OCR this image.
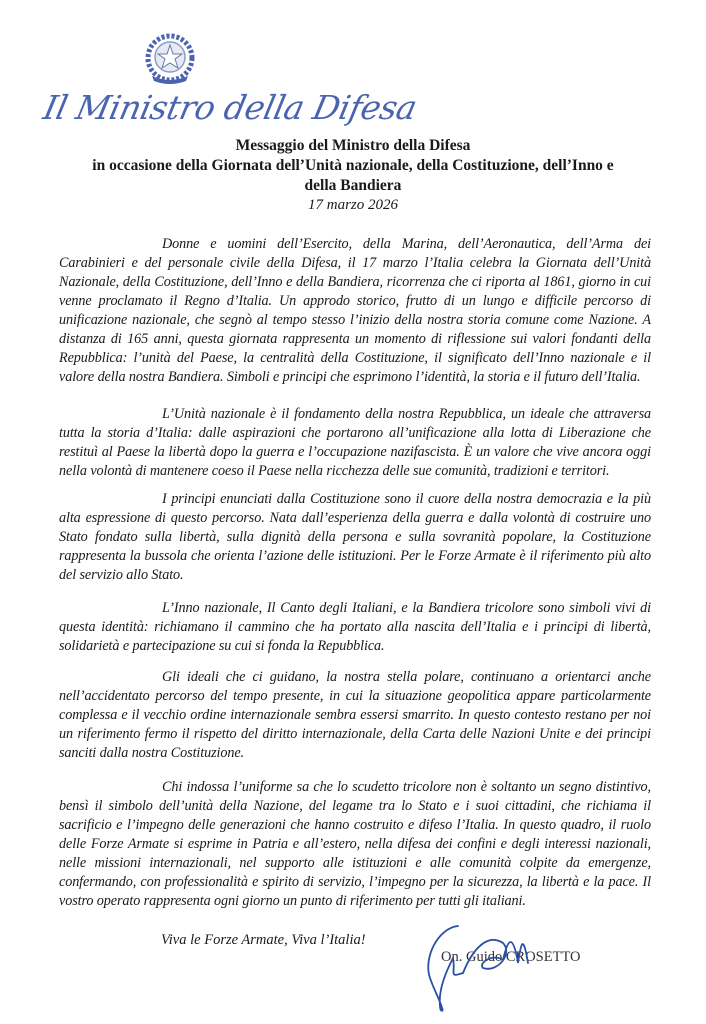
Il Ministro della Difesa
Messaggio del Ministro della Difesa
in occasione della Giornata dell’Unità nazionale, della Costituzione, dell’Inno e
della Bandiera
17 marzo 2026

Donne e uomini dell’Esercito, della Marina, dell’Aeronautica, dell’Arma dei Carabinieri e del personale civile della Difesa, il 17 marzo l’Italia celebra la Giornata dell’Unità Nazionale, della Costituzione, dell’Inno e della Bandiera, ricorrenza che ci riporta al 1861, giorno in cui venne proclamato il Regno d’Italia. Un approdo storico, frutto di un lungo e difficile percorso di unificazione nazionale, che segnò al tempo stesso l’inizio della nostra storia comune come Nazione. A distanza di 165 anni, questa giornata rappresenta un momento di riflessione sui valori fondanti della Repubblica: l’unità del Paese, la centralità della Costituzione, il significato dell’Inno nazionale e il valore della nostra Bandiera. Simboli e principi che esprimono l’identità, la storia e il futuro dell’Italia.

L’Unità nazionale è il fondamento della nostra Repubblica, un ideale che attraversa tutta la storia d’Italia: dalle aspirazioni che portarono all’unificazione alla lotta di Liberazione che restituì al Paese la libertà dopo la guerra e l’occupazione nazifascista. È un valore che vive ancora oggi nella volontà di mantenere coeso il Paese nella ricchezza delle sue comunità, tradizioni e territori.

I principi enunciati dalla Costituzione sono il cuore della nostra democrazia e la più alta espressione di questo percorso. Nata dall’esperienza della guerra e dalla volontà di costruire uno Stato fondato sulla libertà, sulla dignità della persona e sulla sovranità popolare, la Costituzione rappresenta la bussola che orienta l’azione delle istituzioni. Per le Forze Armate è il riferimento più alto del servizio allo Stato.

L’Inno nazionale, Il Canto degli Italiani, e la Bandiera tricolore sono simboli vivi di questa identità: richiamano il cammino che ha portato alla nascita dell’Italia e i principi di libertà, solidarietà e partecipazione su cui si fonda la Repubblica.

Gli ideali che ci guidano, la nostra stella polare, continuano a orientarci anche nell’accidentato percorso del tempo presente, in cui la situazione geopolitica appare particolarmente complessa e il vecchio ordine internazionale sembra essersi smarrito. In questo contesto restano per noi un riferimento fermo il rispetto del diritto internazionale, della Carta delle Nazioni Unite e dei principi sanciti dalla nostra Costituzione.

Chi indossa l’uniforme sa che lo scudetto tricolore non è soltanto un segno distintivo, bensì il simbolo dell’unità della Nazione, del legame tra lo Stato e i suoi cittadini, che richiama il sacrificio e l’impegno delle generazioni che hanno costruito e difeso l’Italia. In questo quadro, il ruolo delle Forze Armate si esprime in Patria e all’estero, nella difesa dei confini e degli interessi nazionali, nelle missioni internazionali, nel supporto alle istituzioni e alle comunità colpite da emergenze, confermando, con professionalità e spirito di servizio, l’impegno per la sicurezza, la libertà e la pace. Il vostro operato rappresenta ogni giorno un punto di riferimento per tutti gli italiani.

Viva le Forze Armate, Viva l’Italia!
On. Guido CROSETTO
